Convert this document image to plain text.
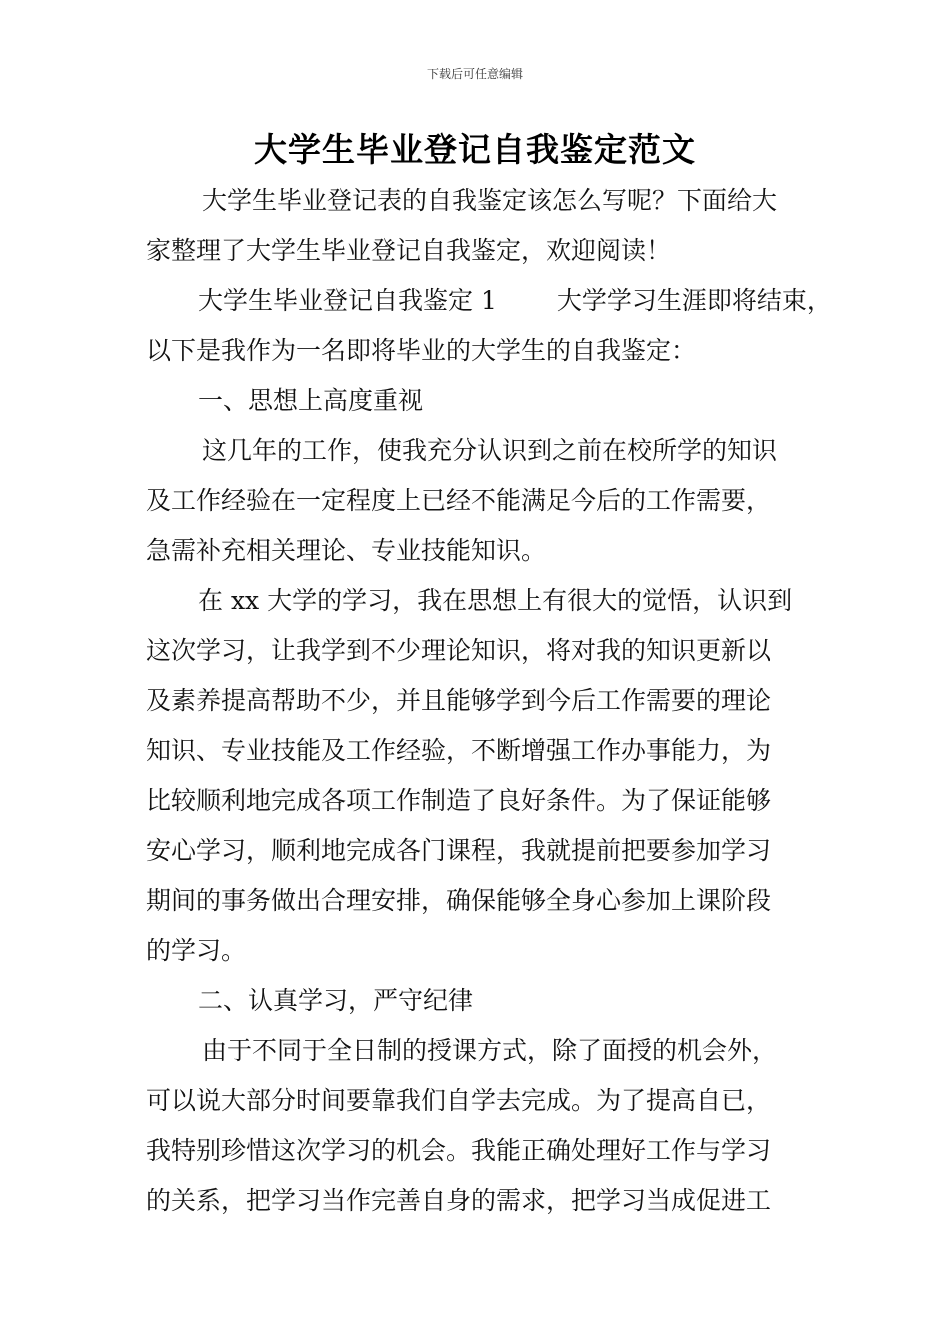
下载后可任意编辑
大学生毕业登记自我鉴定范文

大学生毕业登记表的自我鉴定该怎么写呢？下面给大
家整理了大学生毕业登记自我鉴定，欢迎阅读！

大学生毕业登记自我鉴定 1 大学学习生涯即将结束，
以下是我作为一名即将毕业的大学生的自我鉴定：

一、思想上高度重视

这几年的工作，使我充分认识到之前在校所学的知识
及工作经验在一定程度上已经不能满足今后的工作需要，
急需补充相关理论、专业技能知识。

在 xx 大学的学习，我在思想上有很大的觉悟，认识到
这次学习，让我学到不少理论知识，将对我的知识更新以
及素养提高帮助不少，并且能够学到今后工作需要的理论
知识、专业技能及工作经验，不断增强工作办事能力，为
比较顺利地完成各项工作制造了良好条件。为了保证能够
安心学习，顺利地完成各门课程，我就提前把要参加学习
期间的事务做出合理安排，确保能够全身心参加上课阶段
的学习。

二、认真学习，严守纪律

由于不同于全日制的授课方式，除了面授的机会外，
可以说大部分时间要靠我们自学去完成。为了提高自已，
我特别珍惜这次学习的机会。我能正确处理好工作与学习
的关系，把学习当作完善自身的需求，把学习当成促进工
